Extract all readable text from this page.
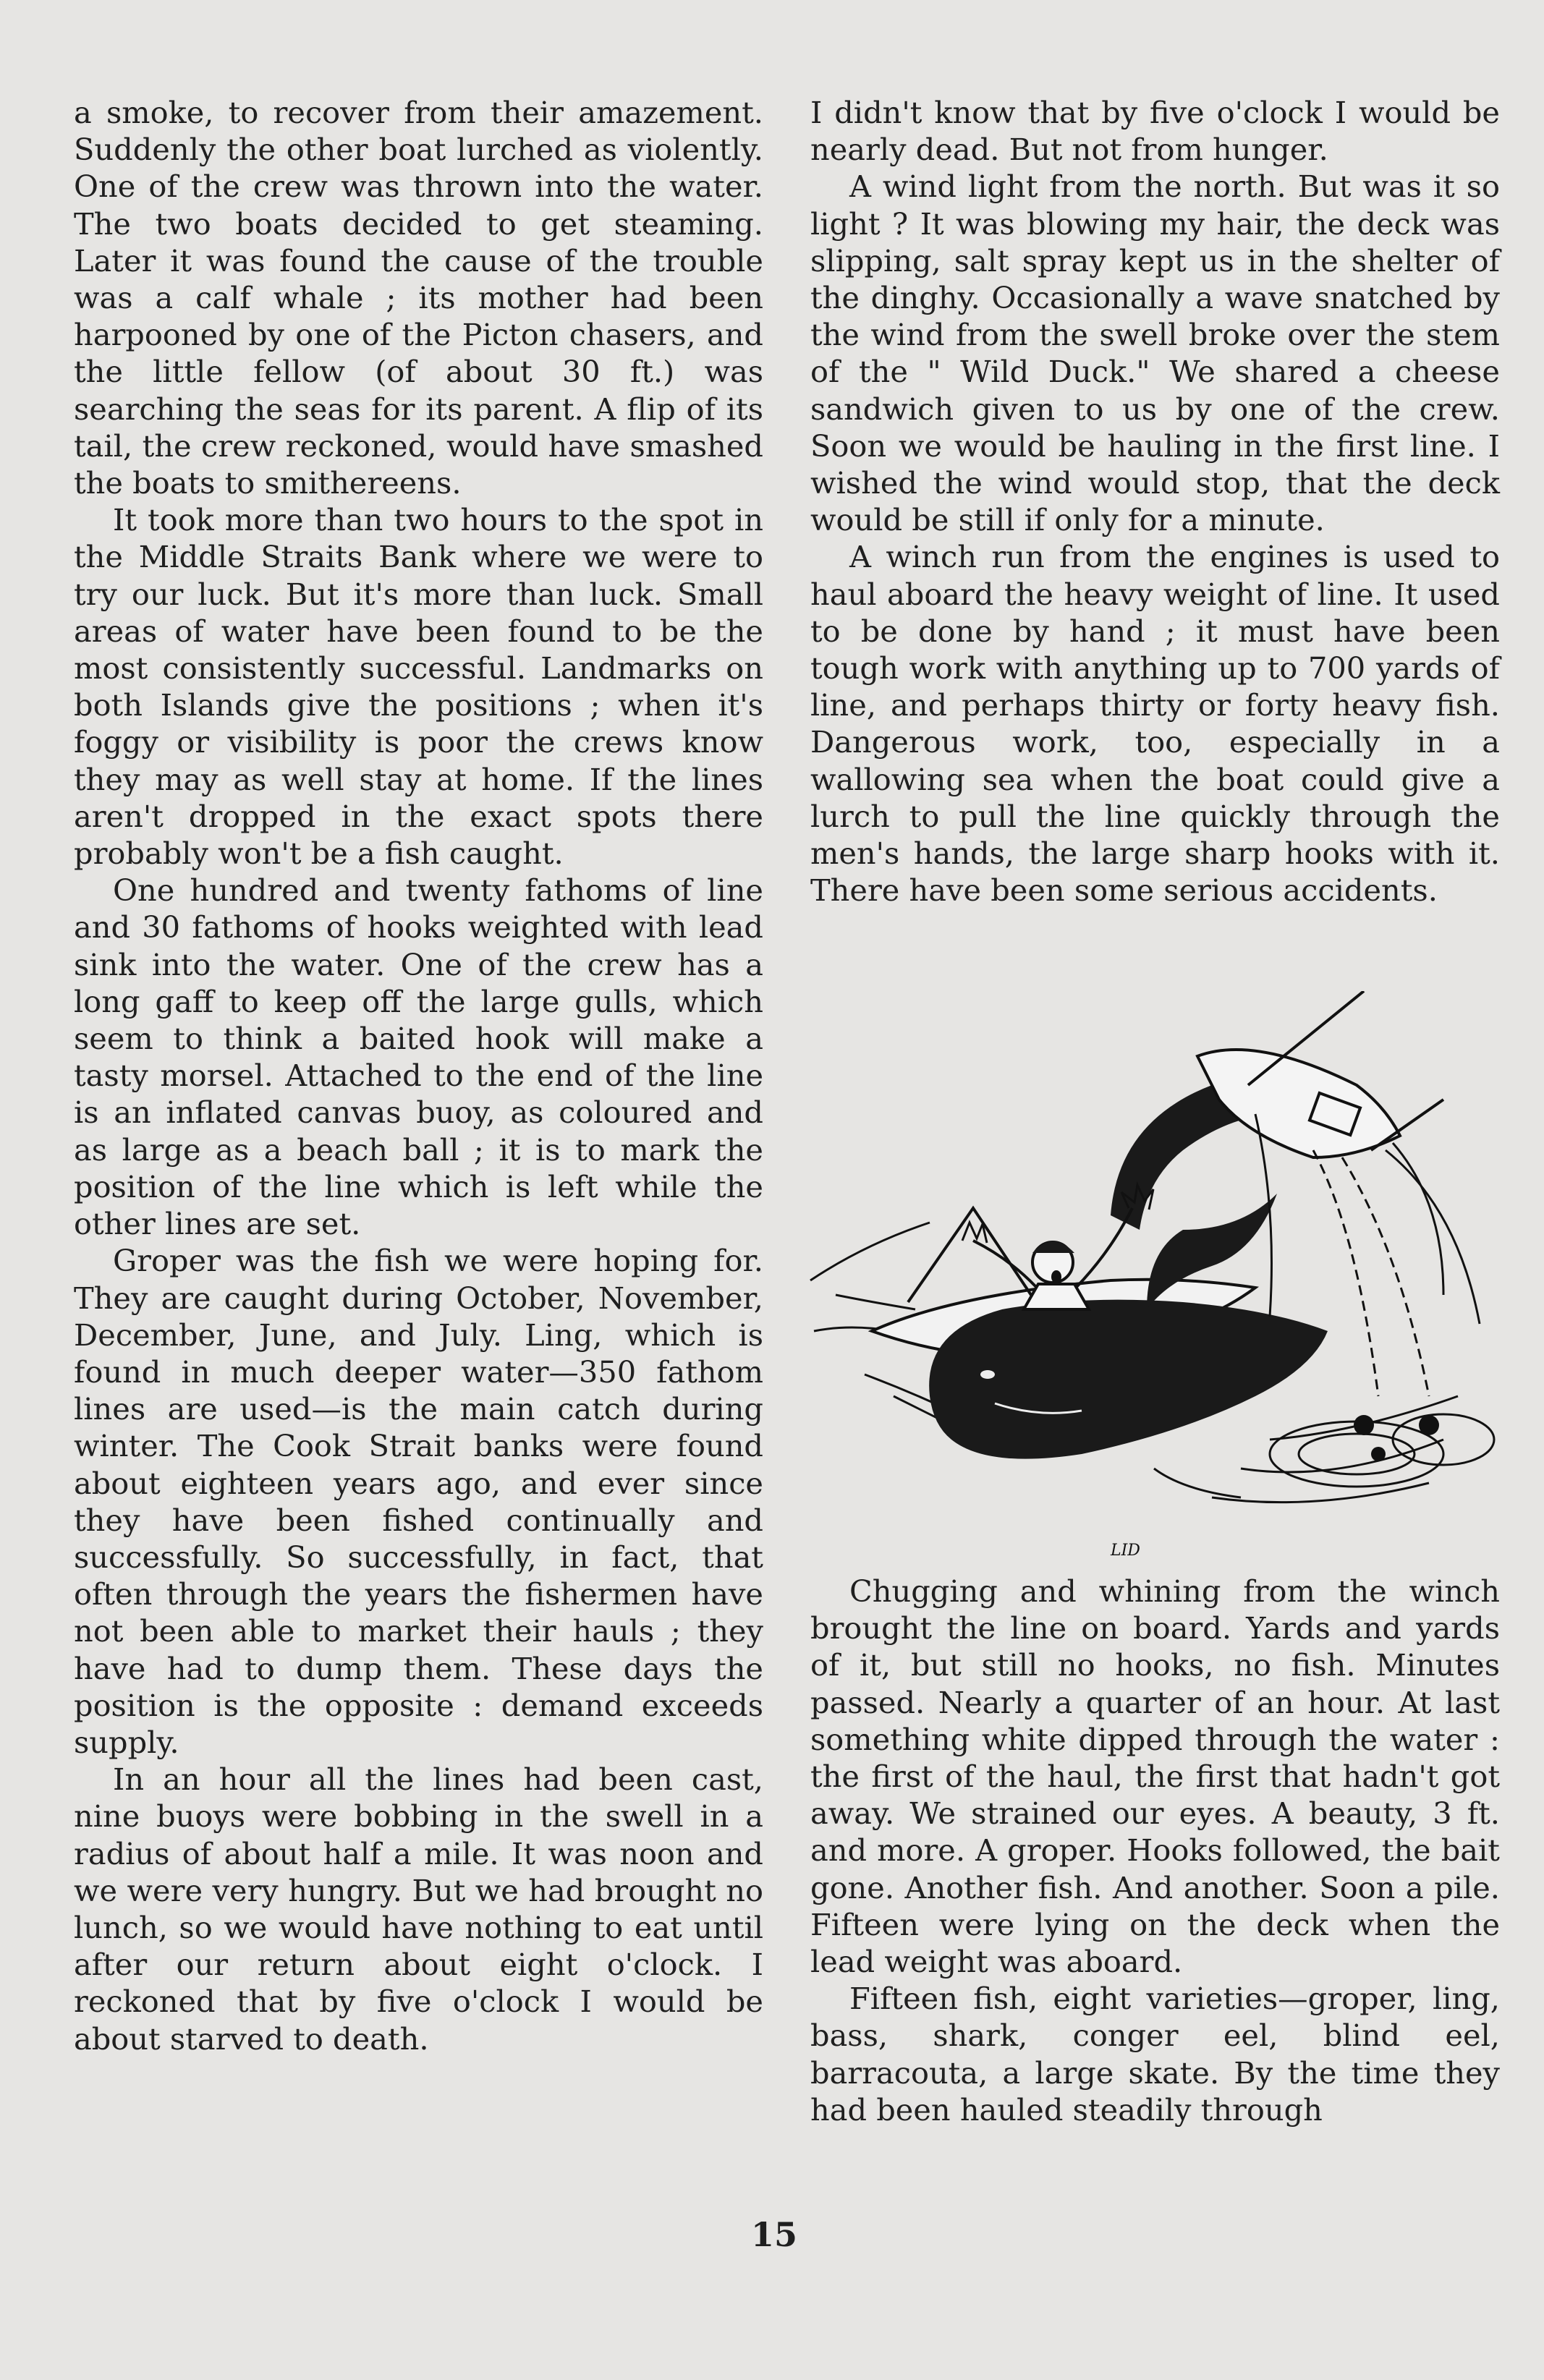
a smoke, to recover from their amazement. Suddenly the other boat lurched as violently. One of the crew was thrown into the water. The two boats decided to get steaming. Later it was found the cause of the trouble was a calf whale ; its mother had been harpooned by one of the Picton chasers, and the little fellow (of about 30 ft.) was searching the seas for its parent. A flip of its tail, the crew reckoned, would have smashed the boats to smithereens.

It took more than two hours to the spot in the Middle Straits Bank where we were to try our luck. But it's more than luck. Small areas of water have been found to be the most consistently successful. Landmarks on both Islands give the positions ; when it's foggy or visibility is poor the crews know they may as well stay at home. If the lines aren't dropped in the exact spots there probably won't be a fish caught.

One hundred and twenty fathoms of line and 30 fathoms of hooks weighted with lead sink into the water. One of the crew has a long gaff to keep off the large gulls, which seem to think a baited hook will make a tasty morsel. Attached to the end of the line is an inflated canvas buoy, as coloured and as large as a beach ball ; it is to mark the position of the line which is left while the other lines are set.

Groper was the fish we were hoping for. They are caught during October, November, December, June, and July. Ling, which is found in much deeper water—350 fathom lines are used—is the main catch during winter. The Cook Strait banks were found about eighteen years ago, and ever since they have been fished continually and successfully. So successfully, in fact, that often through the years the fishermen have not been able to market their hauls ; they have had to dump them. These days the position is the opposite : demand exceeds supply.

In an hour all the lines had been cast, nine buoys were bobbing in the swell in a radius of about half a mile. It was noon and we were very hungry. But we had brought no lunch, so we would have nothing to eat until after our return about eight o'clock. I reckoned that by five o'clock I would be about starved to death.

I didn't know that by five o'clock I would be nearly dead. But not from hunger.

A wind light from the north. But was it so light ? It was blowing my hair, the deck was slipping, salt spray kept us in the shelter of the dinghy. Occasionally a wave snatched by the wind from the swell broke over the stem of the " Wild Duck." We shared a cheese sandwich given to us by one of the crew. Soon we would be hauling in the first line. I wished the wind would stop, that the deck would be still if only for a minute.

A winch run from the engines is used to haul aboard the heavy weight of line. It used to be done by hand ; it must have been tough work with anything up to 700 yards of line, and perhaps thirty or forty heavy fish. Dangerous work, too, especially in a wallowing sea when the boat could give a lurch to pull the line quickly through the men's hands, the large sharp hooks with it. There have been some serious accidents.

LID

Chugging and whining from the winch brought the line on board. Yards and yards of it, but still no hooks, no fish. Minutes passed. Nearly a quarter of an hour. At last something white dipped through the water : the first of the haul, the first that hadn't got away. We strained our eyes. A beauty, 3 ft. and more. A groper. Hooks followed, the bait gone. Another fish. And another. Soon a pile. Fifteen were lying on the deck when the lead weight was aboard.

Fifteen fish, eight varieties—groper, ling, bass, shark, conger eel, blind eel, barracouta, a large skate. By the time they had been hauled steadily through

15
